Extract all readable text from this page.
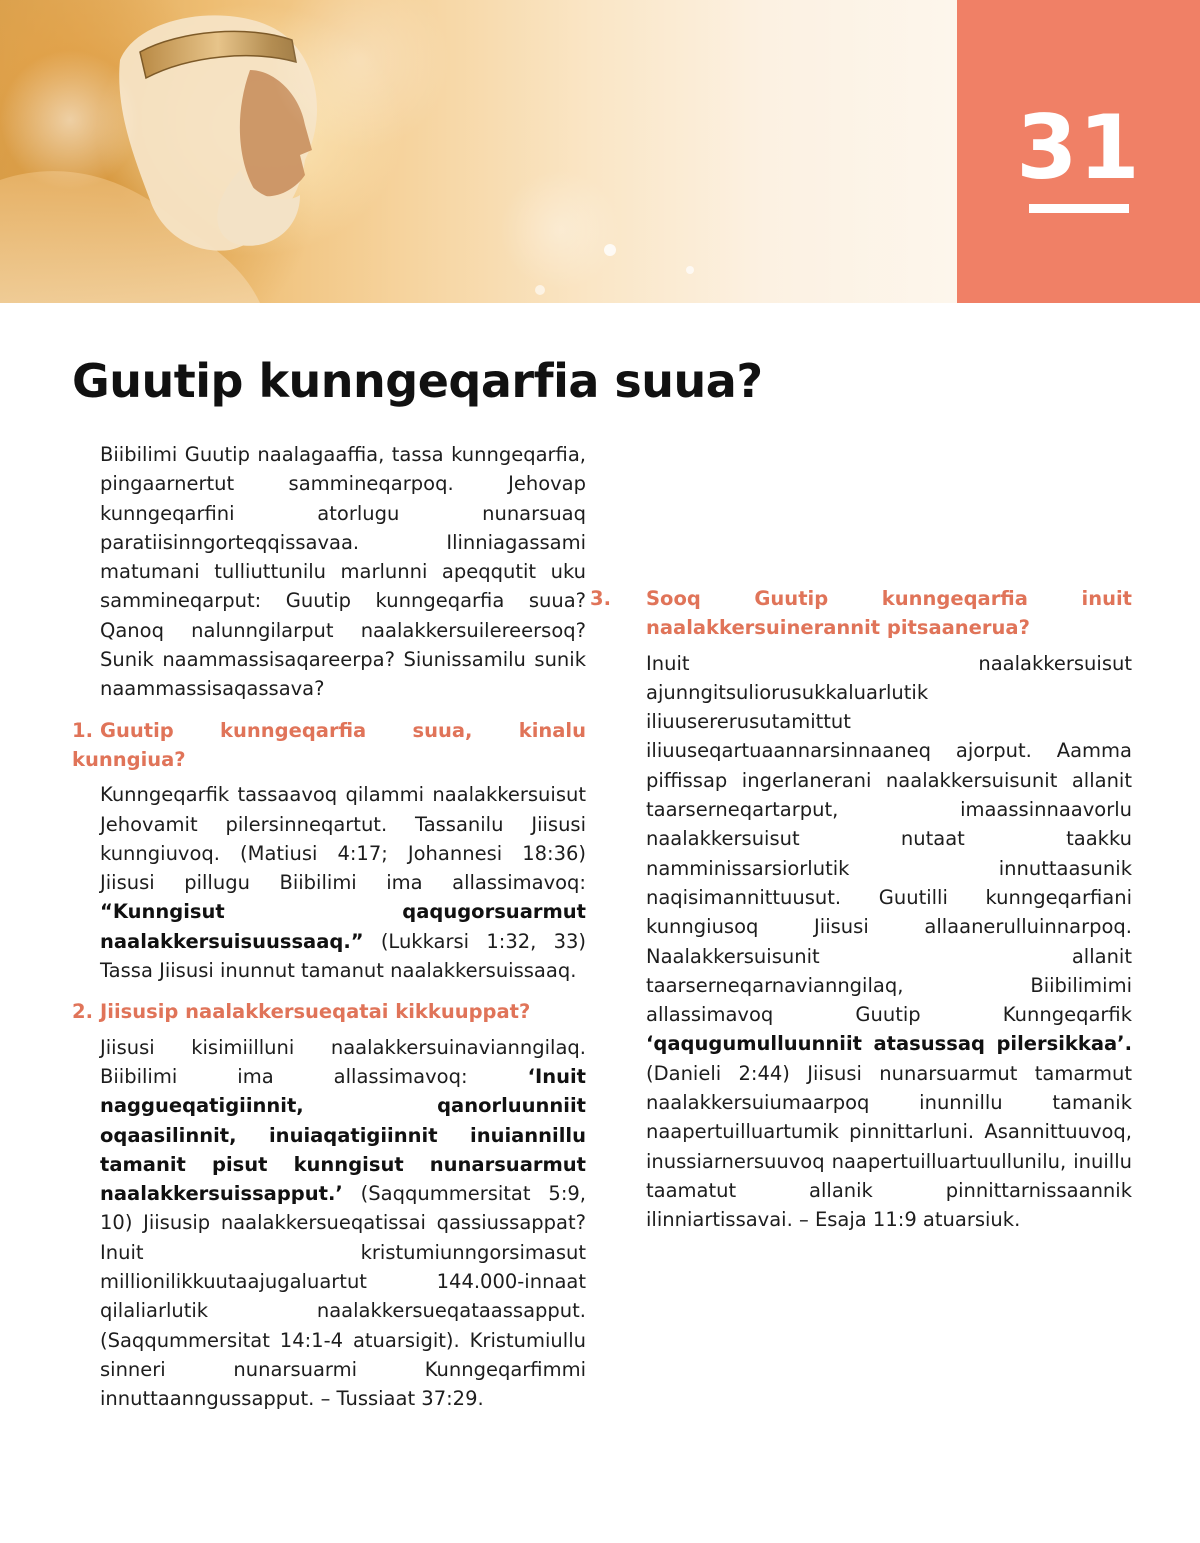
31
Guutip kunngeqarfia suua?

Biibilimi Guutip naalagaaffia, tassa kunngeqarfia, pingaarnertut sammineqarpoq. Jehovap kunngeqarfini atorlugu nunarsuaq paratiisinngorteqqissavaa. Ilinniagassami matumani tulliuttunilu marlunni apeqqutit uku sammineqarput: Guutip kunngeqarfia suua? Qanoq nalunngilarput naalakkersuilereersoq? Sunik naammassisaqareerpa? Siunissamilu sunik naammassisaqassava?

1. Guutip kunngeqarfia suua, kinalu kunngiua?

Kunngeqarfik tassaavoq qilammi naalakkersuisut Jehovamit pilersinneqartut. Tassanilu Jiisusi kunngiuvoq. (Matiusi 4:17; Johannesi 18:36) Jiisusi pillugu Biibilimi ima allassimavoq: “Kunngisut qaqugorsuarmut naalakkersuisuussaaq.” (Lukkarsi 1:32, 33) Tassa Jiisusi inunnut tamanut naalakkersuissaaq.

2. Jiisusip naalakkersueqatai kikkuuppat?

Jiisusi kisimiilluni naalakkersuinavianngilaq. Biibilimi ima allassimavoq: ‘Inuit naggueqatigiinnit, qanorluunniit oqaasilinnit, inuiaqatigiinnit inuiannillu tamanit pisut kunngisut nunarsuarmut naalakkersuissapput.’ (Saqqummersitat 5:9, 10) Jiisusip naalakkersueqatissai qassiussappat? Inuit kristumiunngorsimasut millionilikkuutaajugaluartut 144.000-innaat qilaliarlutik naalakkersueqataassapput. (Saqqummersitat 14:1-4 atuarsigit). Kristumiullu sinneri nunarsuarmi Kunngeqarfimmi innuttaanngussapput. – Tussiaat 37:29.

3. Sooq Guutip kunngeqarfia inuit naalakkersuinerannit pitsaanerua?

Inuit naalakkersuisut ajunngitsuliorusukkaluarlutik iliuusererusutamittut iliuuseqartuaannarsinnaaneq ajorput. Aamma piffissap ingerlanerani naalakkersuisunit allanit taarserneqartarput, imaassinnaavorlu naalakkersuisut nutaat taakku namminissarsiorlutik innuttaasunik naqisimannittuusut. Guutilli kunngeqarfiani kunngiusoq Jiisusi allaanerulluinnarpoq. Naalakkersuisunit allanit taarserneqarnavianngilaq, Biibilimimi allassimavoq Guutip Kunngeqarfik ‘qaqugumulluunniit atasussaq pilersikkaa’. (Danieli 2:44) Jiisusi nunarsuarmut tamarmut naalakkersuiumaarpoq inunnillu tamanik naapertuilluartumik pinnittarluni. Asannittuuvoq, inussiarnersuuvoq naapertuilluartuullunilu, inuillu taamatut allanik pinnittarnissaannik ilinniartissavai. – Esaja 11:9 atuarsiuk.
